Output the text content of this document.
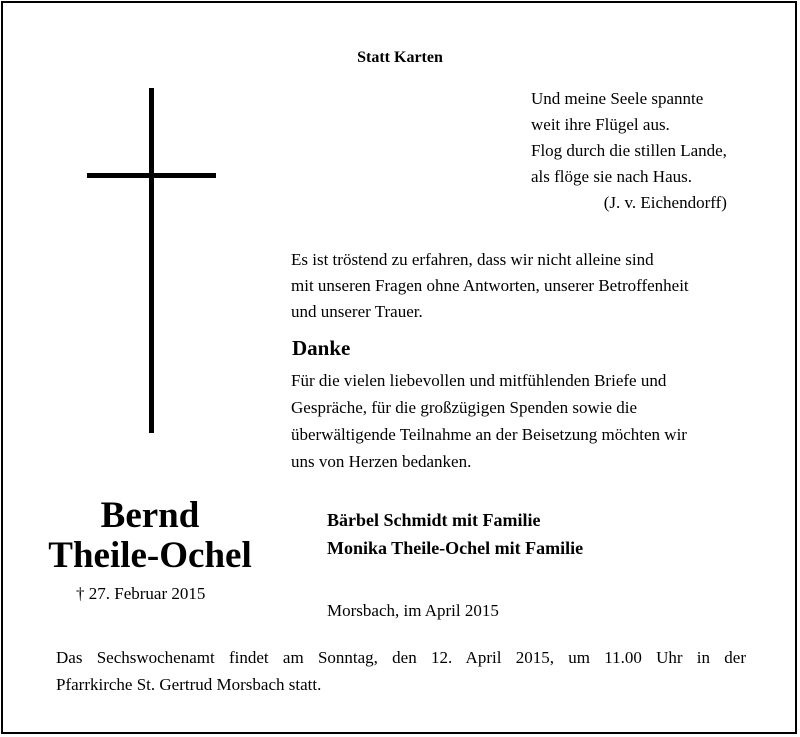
Statt Karten
Und meine Seele spannte
weit ihre Flügel aus.
Flog durch die stillen Lande,
als flöge sie nach Haus.
(J. v. Eichendorff)
Es ist tröstend zu erfahren, dass wir nicht alleine sind
mit unseren Fragen ohne Antworten, unserer Betroffenheit
und unserer Trauer.
Danke
Für die vielen liebevollen und mitfühlenden Briefe und
Gespräche, für die großzügigen Spenden sowie die
überwältigende Teilnahme an der Beisetzung möchten wir
uns von Herzen bedanken.
Bernd
Theile-Ochel
† 27. Februar 2015
Bärbel Schmidt mit Familie
Monika Theile-Ochel mit Familie
Morsbach, im April 2015
Das Sechswochenamt findet am Sonntag, den 12. April 2015, um 11.00 Uhr in der
Pfarrkirche St. Gertrud Morsbach statt.
